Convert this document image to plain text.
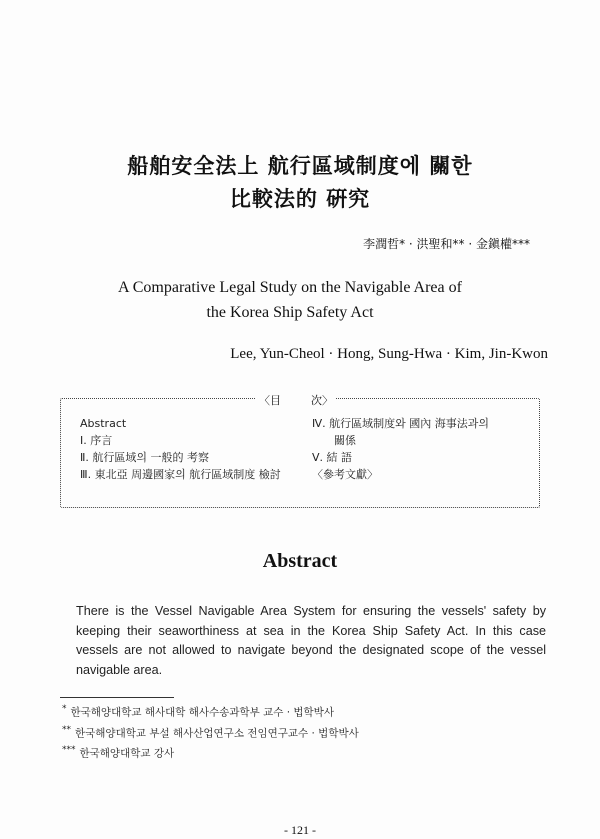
船舶安全法上 航行區域制度에 關한
比較法的 硏究
李潤哲* · 洪聖和** · 金鎭權***
A Comparative Legal Study on the Navigable Area of
the Korea Ship Safety Act
Lee, Yun-Cheol · Hong, Sung-Hwa · Kim, Jin-Kwon
〈目	次〉
Abstract
Ⅰ. 序言
Ⅱ. 航行區域의 一般的 考察
Ⅲ. 東北亞 周邊國家의 航行區域制度 檢討
Ⅳ. 航行區域制度와 國內 海事法과의
關係
Ⅴ. 結 語
〈參考文獻〉
Abstract
There is the Vessel Navigable Area System for ensuring the vessels' safety by keeping their seaworthiness at sea in the Korea Ship Safety Act. In this case vessels are not allowed to navigate beyond the designated scope of the vessel navigable area.
* 한국해양대학교 해사대학 해사수송과학부 교수 · 법학박사
** 한국해양대학교 부설 해사산업연구소 전임연구교수 · 법학박사
*** 한국해양대학교 강사
- 121 -
